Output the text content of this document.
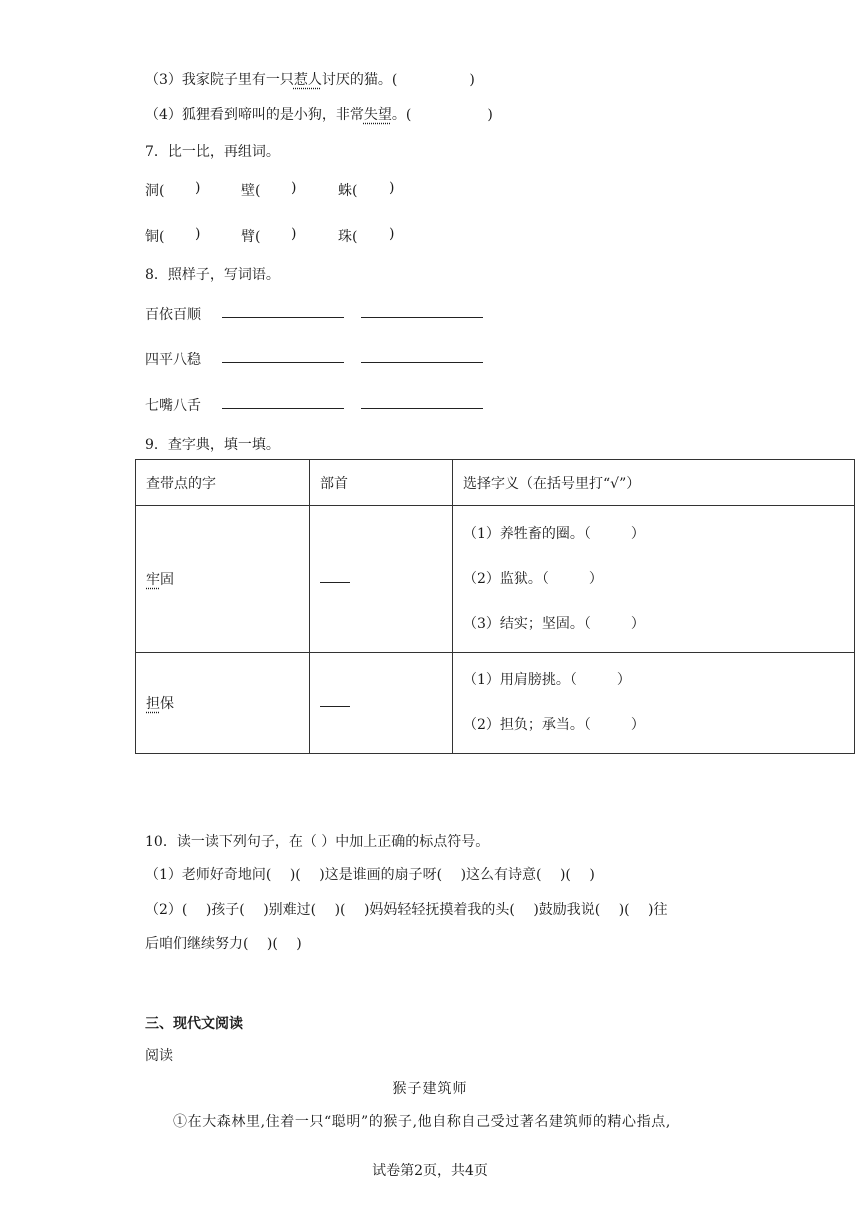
（3）我家院子里有一只惹人讨厌的猫。(	)
（4）狐狸看到啼叫的是小狗，非常失望。(	)
7．比一比，再组词。
洞( )	壁( )	蛛( )
铜( )	臂( )	珠( )
8．照样子，写词语。
百依百顺
四平八稳
七嘴八舌
9．查字典，填一填。
查带点的字	部首	选择字义（在括号里打“√”）
牢固		（1）养牲畜的圈。（ ）
（2）监狱。（ ）
（3）结实；坚固。（ ）

担保		（1）用肩膀挑。（ ）
（2）担负；承当。（ ）
10．读一读下列句子，在（ ）中加上正确的标点符号。
（1）老师好奇地问(　 )(　 )这是谁画的扇子呀(　 )这么有诗意(　 )(　 )
（2）(　 )孩子(　 )别难过(　 )(　 )妈妈轻轻抚摸着我的头(　 )鼓励我说(　 )(　 )往
后咱们继续努力(　 )(　 )
三、现代文阅读
阅读
猴子建筑师
①在大森林里,住着一只“聪明”的猴子,他自称自己受过著名建筑师的精心指点,
试卷第2页，共4页
